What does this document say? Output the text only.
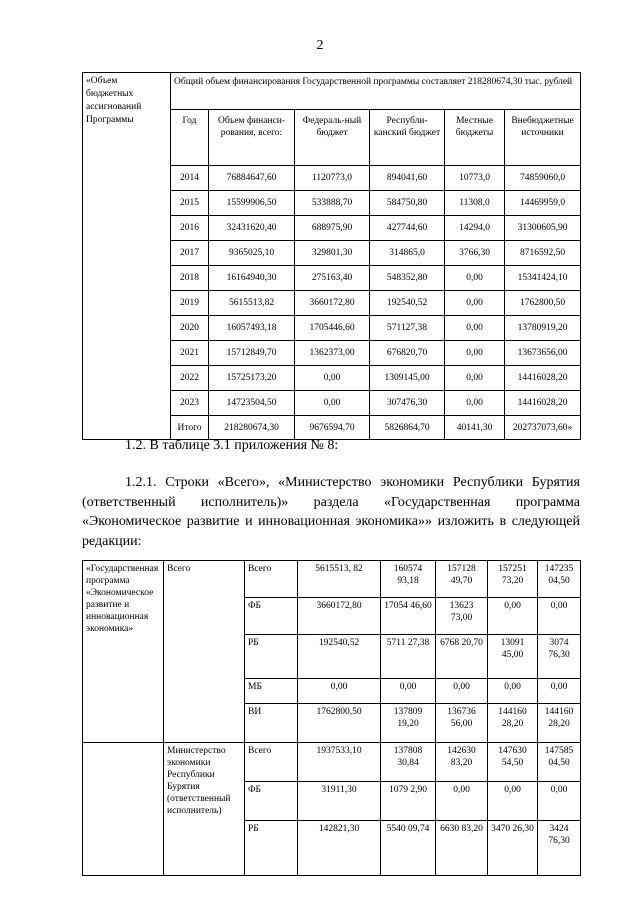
2
«Объем бюджетных ассигнований Программы	Общий объем финансирования Государственной программы составляет 218280674,30 тыс. рублей					
	Год	Объем финанси-рования, всего:	Федераль-ный бюджет	Республи-канский бюджет	Местные бюджеты	Внебюджетные источники
	2014	76884647,60	1120773,0	894041,60	10773,0	74859060,0
	2015	15599906,50	533888,70	584750,80	11308,0	14469959,0
	2016	32431620,40	688975,90	427744,60	14294,0	31300605,90
	2017	9365025,10	329801,30	314865,0	3766,30	8716592,50
	2018	16164940,30	275163,40	548352,80	0,00	15341424,10
	2019	5615513,82	3660172,80	192540,52	0,00	1762800,50
	2020	16057493,18	1705446,60	571127,38	0,00	13780919,20
	2021	15712849,70	1362373,00	676820,70	0,00	13673656,00
	2022	15725173,20	0,00	1309145,00	0,00	14416028,20
	2023	14723504,50	0,00	307476,30	0,00	14416028,20
	Итого	218280674,30	9676594,70	5826864,70	40141,30	202737073,60»
1.2. В таблице 3.1 приложения № 8:
1.2.1. Строки «Всего», «Министерство экономики Республики Бурятия (ответственный исполнитель)» раздела «Государственная программа «Экономическое развитие и инновационная экономика»» изложить в следующей редакции:
«Государственная программа «Экономическое развитие и инновационная экономика»	Всего	Всего	5615513, 82	160574 93,18	157128 49,70	157251 73,20	147235 04,50
		ФБ	3660172,80	17054 46,60	13623 73,00	0,00	0,00
		РБ	192540,52	5711 27,38	6768 20,70	13091 45,00	3074 76,30
		МБ	0,00	0,00	0,00	0,00	0,00
		ВИ	1762800,50	137809 19,20	136736 56,00	144160 28,20	144160 28,20
	Министерство экономики Республики Бурятия (ответственный исполнитель)	Всего	1937533,10	137808 30,84	142630 83,20	147630 54,50	147585 04,50
		ФБ	31911,30	1079 2,90	0,00	0,00	0,00
		РБ	142821,30	5540 09,74	6630 83,20	3470 26,30	3424 76,30
